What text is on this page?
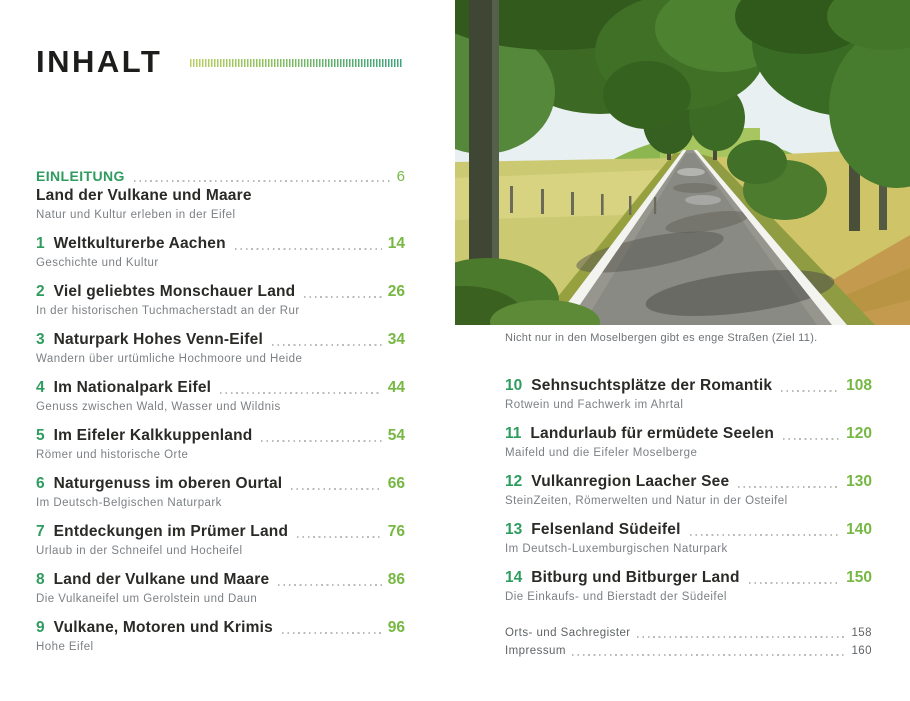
INHALT
Nicht nur in den Moselbergen gibt es enge Straßen (Ziel 11).
EINLEITUNG	6
Land der Vulkane und Maare
Natur und Kultur erleben in der Eifel
1 Weltkulturerbe Aachen	14
Geschichte und Kultur
2 Viel geliebtes Monschauer Land	26
In der historischen Tuchmacherstadt an der Rur
3 Naturpark Hohes Venn-Eifel	34
Wandern über urtümliche Hochmoore und Heide
4 Im Nationalpark Eifel	44
Genuss zwischen Wald, Wasser und Wildnis
5 Im Eifeler Kalkkuppenland	54
Römer und historische Orte
6 Naturgenuss im oberen Ourtal	66
Im Deutsch-Belgischen Naturpark
7 Entdeckungen im Prümer Land	76
Urlaub in der Schneifel und Hocheifel
8 Land der Vulkane und Maare	86
Die Vulkaneifel um Gerolstein und Daun
9 Vulkane, Motoren und Krimis	96
Hohe Eifel
10 Sehnsuchtsplätze der Romantik	108
Rotwein und Fachwerk im Ahrtal
11 Landurlaub für ermüdete Seelen	120
Maifeld und die Eifeler Moselberge
12 Vulkanregion Laacher See	130
SteinZeiten, Römerwelten und Natur in der Osteifel
13 Felsenland Südeifel	140
Im Deutsch-Luxemburgischen Naturpark
14 Bitburg und Bitburger Land	150
Die Einkaufs- und Bierstadt der Südeifel
Orts- und Sachregister	158
Impressum	160
